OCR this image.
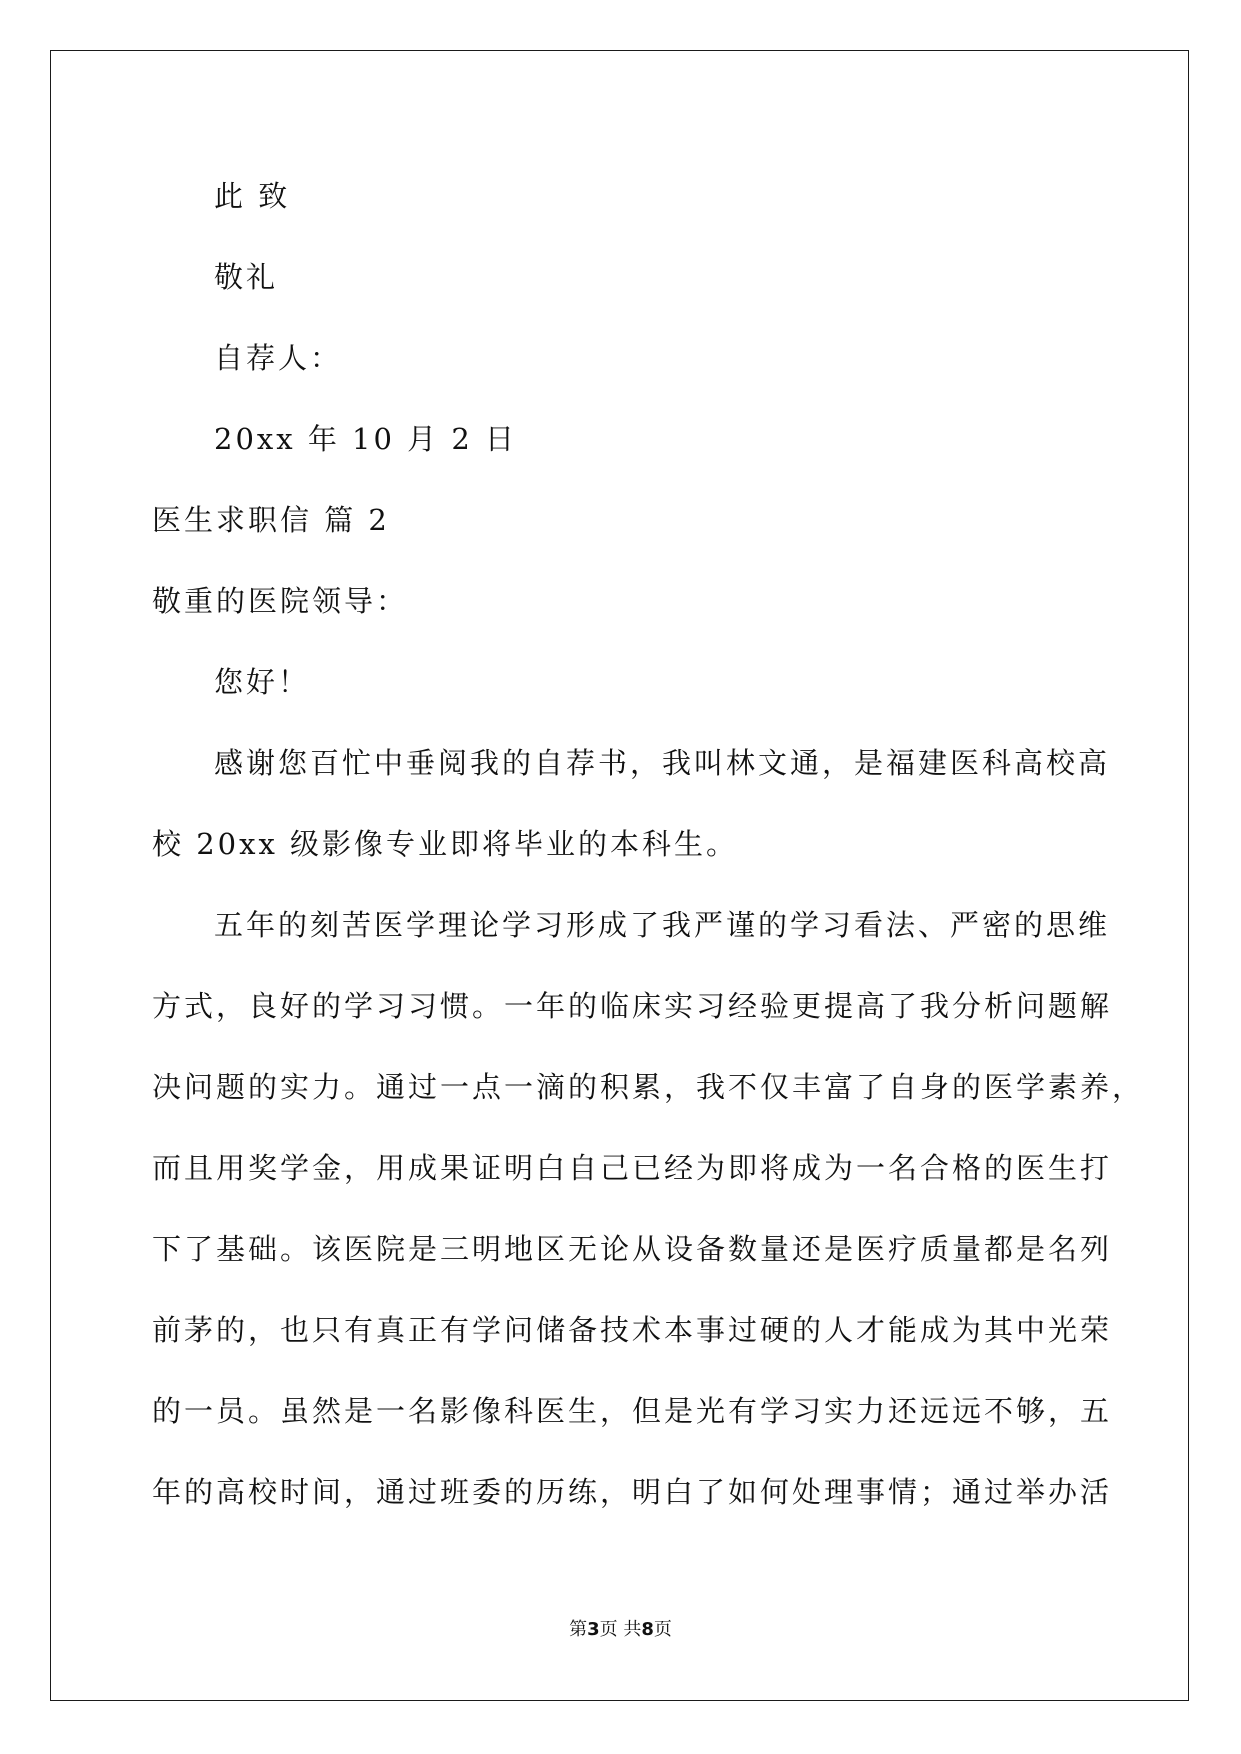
此 致
敬礼
自荐人：
20xx 年 10 月 2 日
医生求职信 篇 2
敬重的医院领导：
您好！
感谢您百忙中垂阅我的自荐书，我叫林文通，是福建医科高校高
校 20xx 级影像专业即将毕业的本科生。
五年的刻苦医学理论学习形成了我严谨的学习看法、严密的思维
方式，良好的学习习惯。一年的临床实习经验更提高了我分析问题解
决问题的实力。通过一点一滴的积累，我不仅丰富了自身的医学素养，
而且用奖学金，用成果证明白自己已经为即将成为一名合格的医生打
下了基础。该医院是三明地区无论从设备数量还是医疗质量都是名列
前茅的，也只有真正有学问储备技术本事过硬的人才能成为其中光荣
的一员。虽然是一名影像科医生，但是光有学习实力还远远不够，五
年的高校时间，通过班委的历练，明白了如何处理事情；通过举办活
第3页 共8页
